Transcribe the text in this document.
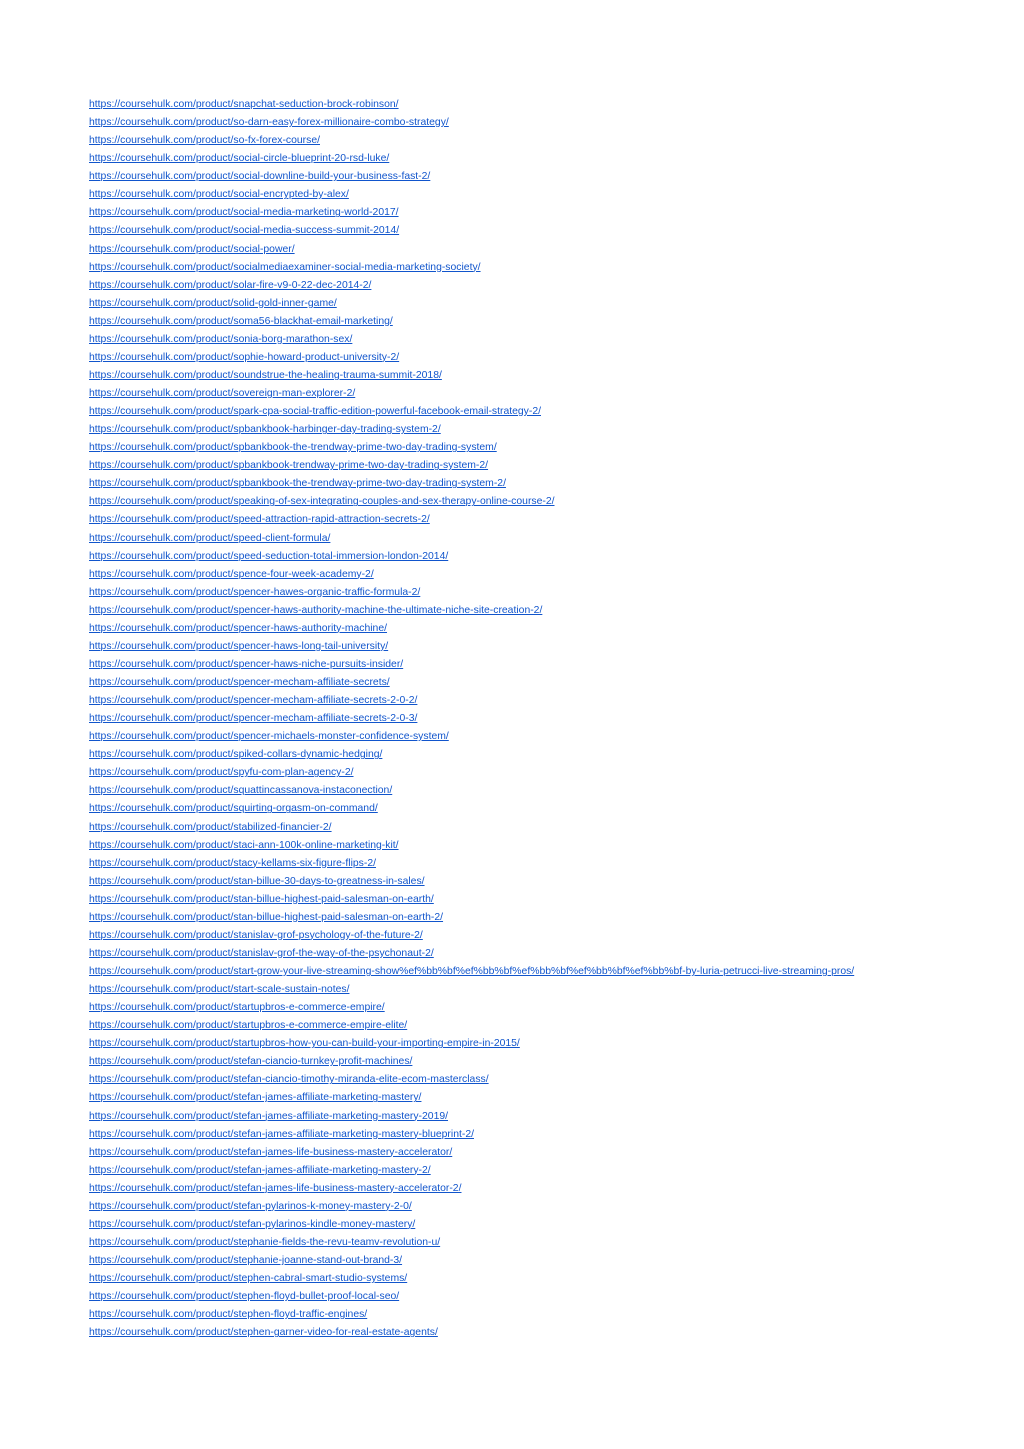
https://coursehulk.com/product/snapchat-seduction-brock-robinson/
https://coursehulk.com/product/so-darn-easy-forex-millionaire-combo-strategy/
https://coursehulk.com/product/so-fx-forex-course/
https://coursehulk.com/product/social-circle-blueprint-20-rsd-luke/
https://coursehulk.com/product/social-downline-build-your-business-fast-2/
https://coursehulk.com/product/social-encrypted-by-alex/
https://coursehulk.com/product/social-media-marketing-world-2017/
https://coursehulk.com/product/social-media-success-summit-2014/
https://coursehulk.com/product/social-power/
https://coursehulk.com/product/socialmediaexaminer-social-media-marketing-society/
https://coursehulk.com/product/solar-fire-v9-0-22-dec-2014-2/
https://coursehulk.com/product/solid-gold-inner-game/
https://coursehulk.com/product/soma56-blackhat-email-marketing/
https://coursehulk.com/product/sonia-borg-marathon-sex/
https://coursehulk.com/product/sophie-howard-product-university-2/
https://coursehulk.com/product/soundstrue-the-healing-trauma-summit-2018/
https://coursehulk.com/product/sovereign-man-explorer-2/
https://coursehulk.com/product/spark-cpa-social-traffic-edition-powerful-facebook-email-strategy-2/
https://coursehulk.com/product/spbankbook-harbinger-day-trading-system-2/
https://coursehulk.com/product/spbankbook-the-trendway-prime-two-day-trading-system/
https://coursehulk.com/product/spbankbook-trendway-prime-two-day-trading-system-2/
https://coursehulk.com/product/spbankbook-the-trendway-prime-two-day-trading-system-2/
https://coursehulk.com/product/speaking-of-sex-integrating-couples-and-sex-therapy-online-course-2/
https://coursehulk.com/product/speed-attraction-rapid-attraction-secrets-2/
https://coursehulk.com/product/speed-client-formula/
https://coursehulk.com/product/speed-seduction-total-immersion-london-2014/
https://coursehulk.com/product/spence-four-week-academy-2/
https://coursehulk.com/product/spencer-hawes-organic-traffic-formula-2/
https://coursehulk.com/product/spencer-haws-authority-machine-the-ultimate-niche-site-creation-2/
https://coursehulk.com/product/spencer-haws-authority-machine/
https://coursehulk.com/product/spencer-haws-long-tail-university/
https://coursehulk.com/product/spencer-haws-niche-pursuits-insider/
https://coursehulk.com/product/spencer-mecham-affiliate-secrets/
https://coursehulk.com/product/spencer-mecham-affiliate-secrets-2-0-2/
https://coursehulk.com/product/spencer-mecham-affiliate-secrets-2-0-3/
https://coursehulk.com/product/spencer-michaels-monster-confidence-system/
https://coursehulk.com/product/spiked-collars-dynamic-hedging/
https://coursehulk.com/product/spyfu-com-plan-agency-2/
https://coursehulk.com/product/squattincassanova-instaconection/
https://coursehulk.com/product/squirting-orgasm-on-command/
https://coursehulk.com/product/stabilized-financier-2/
https://coursehulk.com/product/staci-ann-100k-online-marketing-kit/
https://coursehulk.com/product/stacy-kellams-six-figure-flips-2/
https://coursehulk.com/product/stan-billue-30-days-to-greatness-in-sales/
https://coursehulk.com/product/stan-billue-highest-paid-salesman-on-earth/
https://coursehulk.com/product/stan-billue-highest-paid-salesman-on-earth-2/
https://coursehulk.com/product/stanislav-grof-psychology-of-the-future-2/
https://coursehulk.com/product/stanislav-grof-the-way-of-the-psychonaut-2/
https://coursehulk.com/product/start-grow-your-live-streaming-show%ef%bb%bf%ef%bb%bf%ef%bb%bf%ef%bb%bf%ef%bb%bf-by-luria-petrucci-live-streaming-pros/
https://coursehulk.com/product/start-scale-sustain-notes/
https://coursehulk.com/product/startupbros-e-commerce-empire/
https://coursehulk.com/product/startupbros-e-commerce-empire-elite/
https://coursehulk.com/product/startupbros-how-you-can-build-your-importing-empire-in-2015/
https://coursehulk.com/product/stefan-ciancio-turnkey-profit-machines/
https://coursehulk.com/product/stefan-ciancio-timothy-miranda-elite-ecom-masterclass/
https://coursehulk.com/product/stefan-james-affiliate-marketing-mastery/
https://coursehulk.com/product/stefan-james-affiliate-marketing-mastery-2019/
https://coursehulk.com/product/stefan-james-affiliate-marketing-mastery-blueprint-2/
https://coursehulk.com/product/stefan-james-life-business-mastery-accelerator/
https://coursehulk.com/product/stefan-james-affiliate-marketing-mastery-2/
https://coursehulk.com/product/stefan-james-life-business-mastery-accelerator-2/
https://coursehulk.com/product/stefan-pylarinos-k-money-mastery-2-0/
https://coursehulk.com/product/stefan-pylarinos-kindle-money-mastery/
https://coursehulk.com/product/stephanie-fields-the-revu-teamv-revolution-u/
https://coursehulk.com/product/stephanie-joanne-stand-out-brand-3/
https://coursehulk.com/product/stephen-cabral-smart-studio-systems/
https://coursehulk.com/product/stephen-floyd-bullet-proof-local-seo/
https://coursehulk.com/product/stephen-floyd-traffic-engines/
https://coursehulk.com/product/stephen-garner-video-for-real-estate-agents/
